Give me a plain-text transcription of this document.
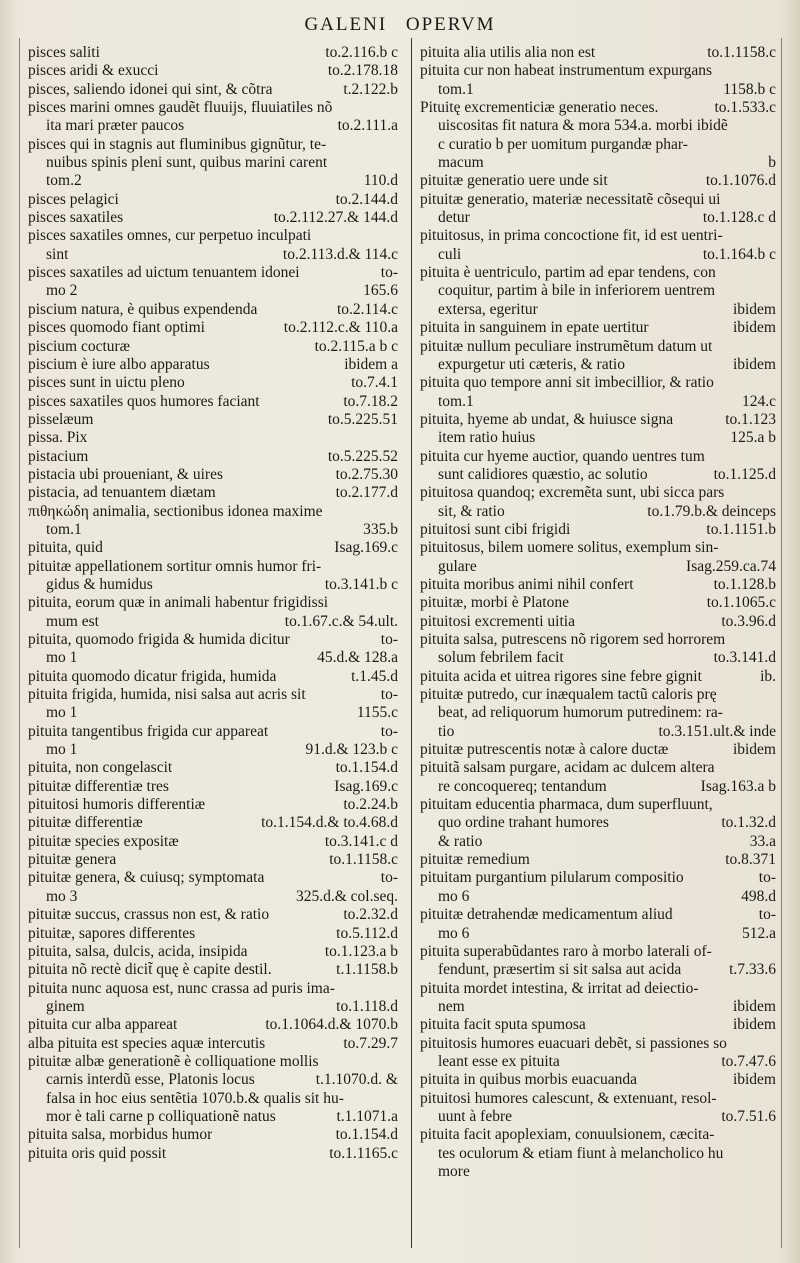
GALENI OPERVM
pisces saliti	to.2.116.b c
pisces aridi & exucci	to.2.178.18
pisces, saliendo idonei qui sint, & cõtra	t.2.122.b
pisces marini omnes gaudẽt fluuijs, fluuiatiles nõ
ita mari præter paucos	to.2.111.a
pisces qui in stagnis aut fluminibus gignũtur, te-
nuibus spinis pleni sunt, quibus marini carent
tom.2	110.d
pisces pelagici	to.2.144.d
pisces saxatiles	to.2.112.27.& 144.d
pisces saxatiles omnes, cur perpetuo inculpati
sint	to.2.113.d.& 114.c
pisces saxatiles ad uictum tenuantem idonei	to-
mo 2	165.6
piscium natura, è quibus expendenda	to.2.114.c
pisces quomodo fiant optimi	to.2.112.c.& 110.a
piscium cocturæ	to.2.115.a b c
piscium è iure albo apparatus	ibidem a
pisces sunt in uictu pleno	to.7.4.1
pisces saxatiles quos humores faciant	to.7.18.2
pisselæum	to.5.225.51
pissa. Pix
pistacium	to.5.225.52
pistacia ubi proueniant, & uires	to.2.75.30
pistacia, ad tenuantem diætam	to.2.177.d
πιθηκώδη animalia, sectionibus idonea maxime
tom.1	335.b
pituita, quid	Isag.169.c
pituitæ appellationem sortitur omnis humor fri-
gidus & humidus	to.3.141.b c
pituita, eorum quæ in animali habentur frigidissi
mum est	to.1.67.c.& 54.ult.
pituita, quomodo frigida & humida dicitur	to-
mo 1	45.d.& 128.a
pituita quomodo dicatur frigida, humida	t.1.45.d
pituita frigida, humida, nisi salsa aut acris sit	to-
mo 1	1155.c
pituita tangentibus frigida cur appareat	to-
mo 1	91.d.& 123.b c
pituita, non congelascit	to.1.154.d
pituitæ differentiæ tres	Isag.169.c
pituitosi humoris differentiæ	to.2.24.b
pituitæ differentiæ	to.1.154.d.& to.4.68.d
pituitæ species expositæ	to.3.141.c d
pituitæ genera	to.1.1158.c
pituitæ genera, & cuiusq; symptomata	to-
mo 3	325.d.& col.seq.
pituitæ succus, crassus non est, & ratio	to.2.32.d
pituitæ, sapores differentes	to.5.112.d
pituita, salsa, dulcis, acida, insipida	to.1.123.a b
pituita nõ rectè dicit̃ quę è capite destil.	t.1.1158.b
pituita nunc aquosa est, nunc crassa ad puris ima-
ginem	to.1.118.d
pituita cur alba appareat	to.1.1064.d.& 1070.b
alba pituita est species aquæ intercutis	to.7.29.7
pituitæ albæ generationẽ è colliquatione mollis
carnis interdũ esse, Platonis locus	t.1.1070.d. &
falsa in hoc eius sentẽtia 1070.b.& qualis sit hu-
mor è tali carne p colliquationẽ natus	t.1.1071.a
pituita salsa, morbidus humor	to.1.154.d
pituita oris quid possit	to.1.1165.c
pituita alia utilis alia non est	to.1.1158.c
pituita cur non habeat instrumentum expurgans
tom.1	1158.b c
Pituitę excrementiciæ generatio neces.	to.1.533.c
uiscositas fit natura & mora 534.a. morbi ibidẽ
c curatio b per uomitum purgandæ phar-
macum	b
pituitæ generatio uere unde sit	to.1.1076.d
pituitæ generatio, materiæ necessitatẽ cõsequi ui
detur	to.1.128.c d
pituitosus, in prima concoctione fit, id est uentri-
culi	to.1.164.b c
pituita è uentriculo, partim ad epar tendens, con
coquitur, partim à bile in inferiorem uentrem
extersa, egeritur	ibidem
pituita in sanguinem in epate uertitur	ibidem
pituitæ nullum peculiare instrumẽtum datum ut
expurgetur uti cæteris, & ratio	ibidem
pituita quo tempore anni sit imbecillior, & ratio
tom.1	124.c
pituita, hyeme ab undat, & huiusce signa	to.1.123
item ratio huius	125.a b
pituita cur hyeme auctior, quando uentres tum
sunt calidiores quæstio, ac solutio	to.1.125.d
pituitosa quandoq; excremẽta sunt, ubi sicca pars
sit, & ratio	to.1.79.b.& deinceps
pituitosi sunt cibi frigidi	to.1.1151.b
pituitosus, bilem uomere solitus, exemplum sin-
gulare	Isag.259.ca.74
pituita moribus animi nihil confert	to.1.128.b
pituitæ, morbi è Platone	to.1.1065.c
pituitosi excrementi uitia	to.3.96.d
pituita salsa, putrescens nõ rigorem sed horrorem
solum febrilem facit	to.3.141.d
pituita acida et uitrea rigores sine febre gignit	ib.
pituitæ putredo, cur inæqualem tactũ caloris prę
beat, ad reliquorum humorum putredinem: ra-
tio	to.3.151.ult.& inde
pituitæ putrescentis notæ à calore ductæ	ibidem
pituitã salsam purgare, acidam ac dulcem altera
re concoquereq; tentandum	Isag.163.a b
pituitam educentia pharmaca, dum superfluunt,
quo ordine trahant humores	to.1.32.d
& ratio	33.a
pituitæ remedium	to.8.371
pituitam purgantium pilularum compositio	to-
mo 6	498.d
pituitæ detrahendæ medicamentum aliud	to-
mo 6	512.a
pituita superabũdantes raro à morbo laterali of-
fendunt, præsertim si sit salsa aut acida	t.7.33.6
pituita mordet intestina, & irritat ad deiectio-
nem	ibidem
pituita facit sputa spumosa	ibidem
pituitosis humores euacuari debẽt, si passiones so
leant esse ex pituita	to.7.47.6
pituita in quibus morbis euacuanda	ibidem
pituitosi humores calescunt, & extenuant, resol-
uunt à febre	to.7.51.6
pituita facit apoplexiam, conuulsionem, cæcita-
tes oculorum & etiam fiunt à melancholico hu
more
